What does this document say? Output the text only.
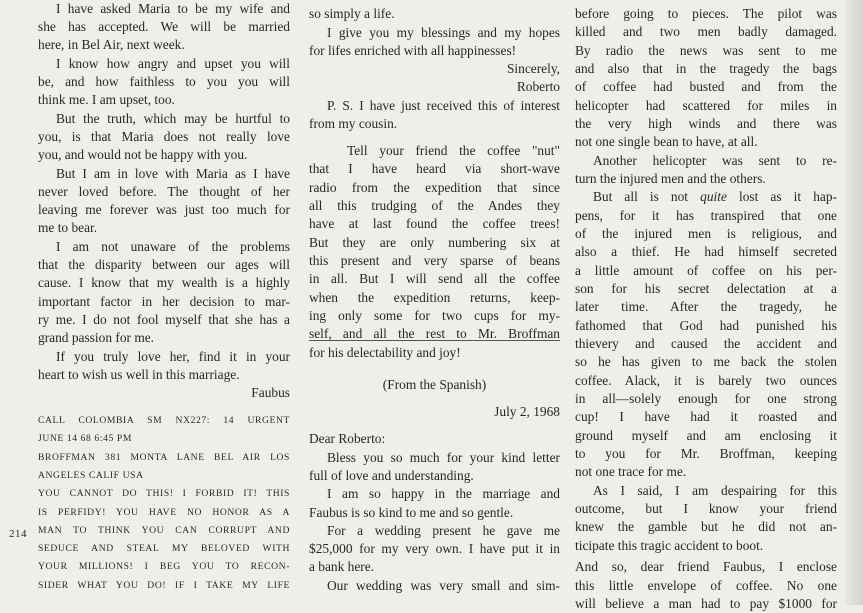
I have asked Maria to be my wife and
she has accepted. We will be married
here, in Bel Air, next week.
I know how angry and upset you will
be, and how faithless to you you will
think me. I am upset, too.
But the truth, which may be hurtful to
you, is that Maria does not really love
you, and would not be happy with you.
But I am in love with Maria as I have
never loved before. The thought of her
leaving me forever was just too much for
me to bear.
I am not unaware of the problems
that the disparity between our ages will
cause. I know that my wealth is a highly
important factor in her decision to mar-
ry me. I do not fool myself that she has a
grand passion for me.
If you truly love her, find it in your
heart to wish us well in this marriage.
Faubus
CALL COLOMBIA SM NX227: 14 URGENT
JUNE 14 68 6:45 PM
BROFFMAN 381 MONTA LANE BEL AIR LOS
ANGELES CALIF USA
YOU CANNOT DO THIS! I FORBID IT! THIS
IS PERFIDY! YOU HAVE NO HONOR AS A
MAN TO THINK YOU CAN CORRUPT AND
SEDUCE AND STEAL MY BELOVED WITH
YOUR MILLIONS! I BEG YOU TO RECON-
SIDER WHAT YOU DO! IF I TAKE MY LIFE
so simply a life.
I give you my blessings and my hopes
for lifes enriched with all happinesses!
Sincerely,
Roberto
P. S. I have just received this of interest
from my cousin.
Tell your friend the coffee "nut"
that I have heard via short-wave
radio from the expedition that since
all this trudging of the Andes they
have at last found the coffee trees!
But they are only numbering six at
this present and very sparse of beans
in all. But I will send all the coffee
when the expedition returns, keep-
ing only some for two cups for my-
self, and all the rest to Mr. Broffman
for his delectability and joy!
(From the Spanish)
July 2, 1968
Dear Roberto:
Bless you so much for your kind letter
full of love and understanding.
I am so happy in the marriage and
Faubus is so kind to me and so gentle.
For a wedding present he gave me
$25,000 for my very own. I have put it in
a bank here.
Our wedding was very small and sim-
before going to pieces. The pilot was
killed and two men badly damaged.
By radio the news was sent to me
and also that in the tragedy the bags
of coffee had busted and from the
helicopter had scattered for miles in
the very high winds and there was
not one single bean to have, at all.
Another helicopter was sent to re-
turn the injured men and the others.
But all is not quite lost as it hap-
pens, for it has transpired that one
of the injured men is religious, and
also a thief. He had himself secreted
a little amount of coffee on his per-
son for his secret delectation at a
later time. After the tragedy, he
fathomed that God had punished his
thievery and caused the accident and
so he has given to me back the stolen
coffee. Alack, it is barely two ounces
in all—solely enough for one strong
cup! I have had it roasted and
ground myself and am enclosing it
to you for Mr. Broffman, keeping
not one trace for me.
As I said, I am despairing for this
outcome, but I know your friend
knew the gamble but he did not an-
ticipate this tragic accident to boot.
And so, dear friend Faubus, I enclose
this little envelope of coffee. No one
will believe a man had to pay $1000 for
214
